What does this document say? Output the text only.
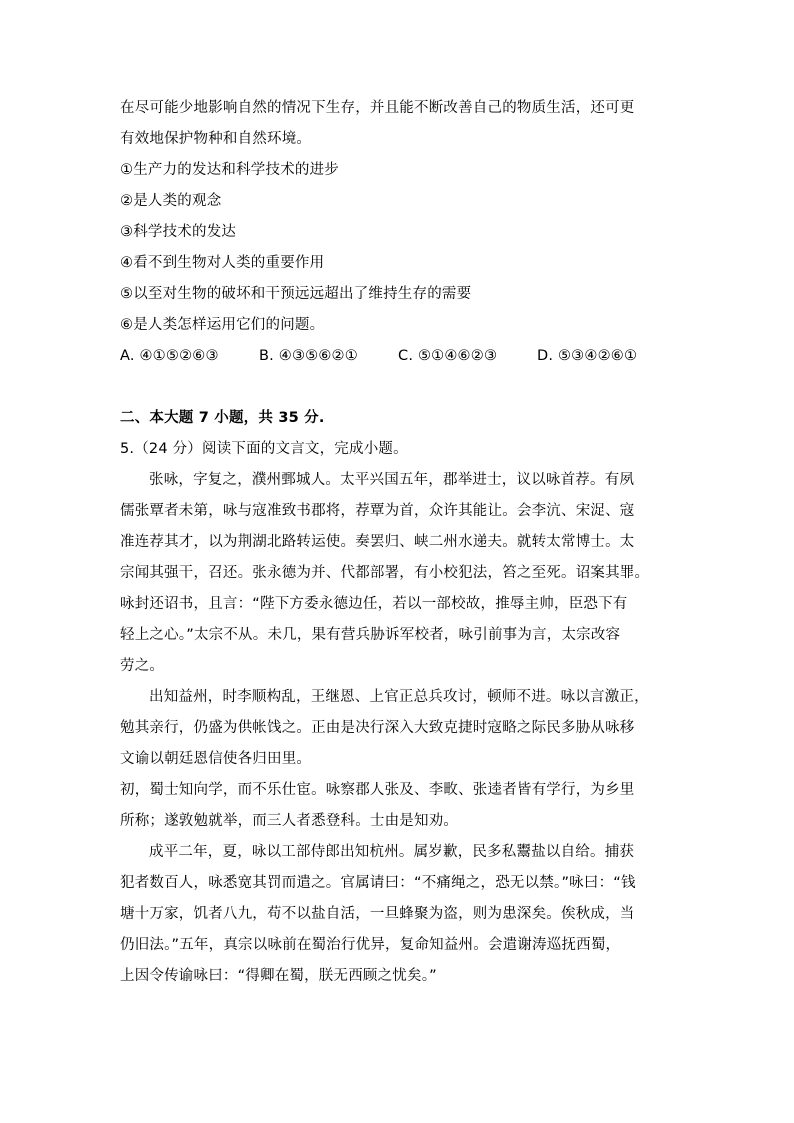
在尽可能少地影响自然的情况下生存，并且能不断改善自己的物质生活，还可更
有效地保护物种和自然环境。
①生产力的发达和科学技术的进步
②是人类的观念
③科学技术的发达
④看不到生物对人类的重要作用
⑤以至对生物的破坏和干预远远超出了维持生存的需要
⑥是人类怎样运用它们的问题。
A. ④①⑤②⑥③	B. ④③⑤⑥②①	C. ⑤①④⑥②③	D. ⑤③④②⑥①
二、本大题 7 小题，共 35 分.
5.（24 分）阅读下面的文言文，完成小题。
张咏，字复之，濮州鄄城人。太平兴国五年，郡举进士，议以咏首荐。有夙
儒张覃者未第，咏与寇准致书郡将，荐覃为首，众许其能让。会李沆、宋浞、寇
准连荐其才，以为荆湖北路转运使。奏罢归、峡二州水递夫。就转太常博士。太
宗闻其强干，召还。张永德为并、代都部署，有小校犯法，笞之至死。诏案其罪。
咏封还诏书，且言：“陛下方委永德边任，若以一部校故，推辱主帅，臣恐下有
轻上之心。”太宗不从。未几，果有营兵胁诉军校者，咏引前事为言，太宗改容
劳之。
出知益州，时李顺构乱，王继恩、上官正总兵攻讨，顿师不进。咏以言激正，
勉其亲行，仍盛为供帐饯之。正由是决行深入大致克捷时寇略之际民多胁从咏移
文谕以朝廷恩信使各归田里。
初，蜀士知向学，而不乐仕宦。咏察郡人张及、李畋、张逵者皆有学行，为乡里
所称；遂敦勉就举，而三人者悉登科。士由是知劝。
成平二年，夏，咏以工部侍郎出知杭州。属岁歉，民多私鬻盐以自给。捕获
犯者数百人，咏悉宽其罚而遣之。官属请曰：“不痛绳之，恐无以禁。”咏曰：“钱
塘十万家，饥者八九，苟不以盐自活，一旦蜂聚为盗，则为患深矣。俟秋成，当
仍旧法。”五年，真宗以咏前在蜀治行优异，复命知益州。会遣谢涛巡抚西蜀，
上因令传谕咏曰：“得卿在蜀，朕无西顾之忧矣。”
